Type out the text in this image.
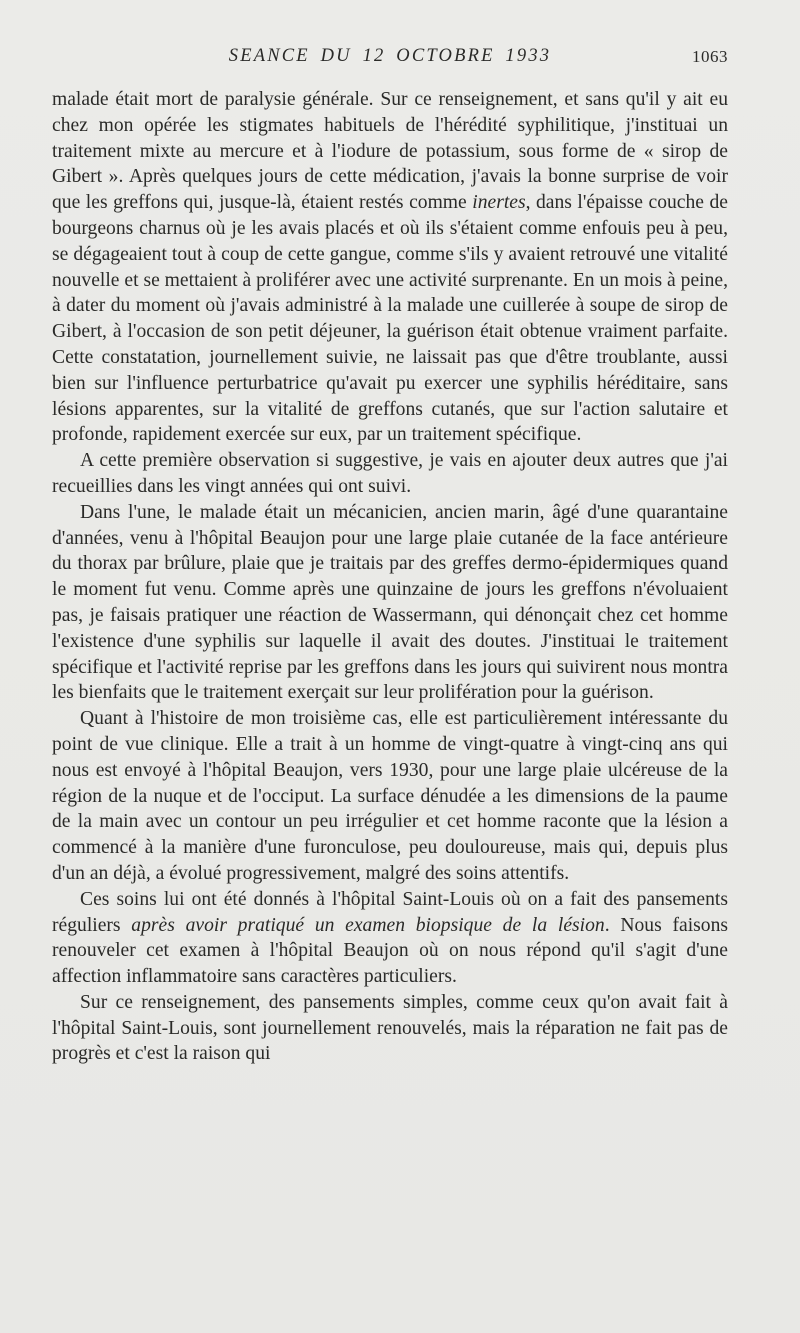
SEANCE DU 12 OCTOBRE 1933	1063

malade était mort de paralysie générale. Sur ce renseignement, et sans qu'il y ait eu chez mon opérée les stigmates habituels de l'hérédité syphilitique, j'instituai un traitement mixte au mercure et à l'iodure de potassium, sous forme de « sirop de Gibert ». Après quelques jours de cette médication, j'avais la bonne surprise de voir que les greffons qui, jusque-là, étaient restés comme inertes, dans l'épaisse couche de bourgeons charnus où je les avais placés et où ils s'étaient comme enfouis peu à peu, se dégageaient tout à coup de cette gangue, comme s'ils y avaient retrouvé une vitalité nouvelle et se mettaient à proliférer avec une activité surprenante. En un mois à peine, à dater du moment où j'avais administré à la malade une cuillerée à soupe de sirop de Gibert, à l'occasion de son petit déjeuner, la guérison était obtenue vraiment parfaite. Cette constatation, journellement suivie, ne laissait pas que d'être troublante, aussi bien sur l'influence perturbatrice qu'avait pu exercer une syphilis héréditaire, sans lésions apparentes, sur la vitalité de greffons cutanés, que sur l'action salutaire et profonde, rapidement exercée sur eux, par un traitement spécifique.

A cette première observation si suggestive, je vais en ajouter deux autres que j'ai recueillies dans les vingt années qui ont suivi.

Dans l'une, le malade était un mécanicien, ancien marin, âgé d'une quarantaine d'années, venu à l'hôpital Beaujon pour une large plaie cutanée de la face antérieure du thorax par brûlure, plaie que je traitais par des greffes dermo-épidermiques quand le moment fut venu. Comme après une quinzaine de jours les greffons n'évoluaient pas, je faisais pratiquer une réaction de Wassermann, qui dénonçait chez cet homme l'existence d'une syphilis sur laquelle il avait des doutes. J'instituai le traitement spécifique et l'activité reprise par les greffons dans les jours qui suivirent nous montra les bienfaits que le traitement exerçait sur leur prolifération pour la guérison.

Quant à l'histoire de mon troisième cas, elle est particulièrement intéressante du point de vue clinique. Elle a trait à un homme de vingt-quatre à vingt-cinq ans qui nous est envoyé à l'hôpital Beaujon, vers 1930, pour une large plaie ulcéreuse de la région de la nuque et de l'occiput. La surface dénudée a les dimensions de la paume de la main avec un contour un peu irrégulier et cet homme raconte que la lésion a commencé à la manière d'une furonculose, peu douloureuse, mais qui, depuis plus d'un an déjà, a évolué progressivement, malgré des soins attentifs.

Ces soins lui ont été donnés à l'hôpital Saint-Louis où on a fait des pansements réguliers après avoir pratiqué un examen biopsique de la lésion. Nous faisons renouveler cet examen à l'hôpital Beaujon où on nous répond qu'il s'agit d'une affection inflammatoire sans caractères particuliers.

Sur ce renseignement, des pansements simples, comme ceux qu'on avait fait à l'hôpital Saint-Louis, sont journellement renouvelés, mais la réparation ne fait pas de progrès et c'est la raison qui
